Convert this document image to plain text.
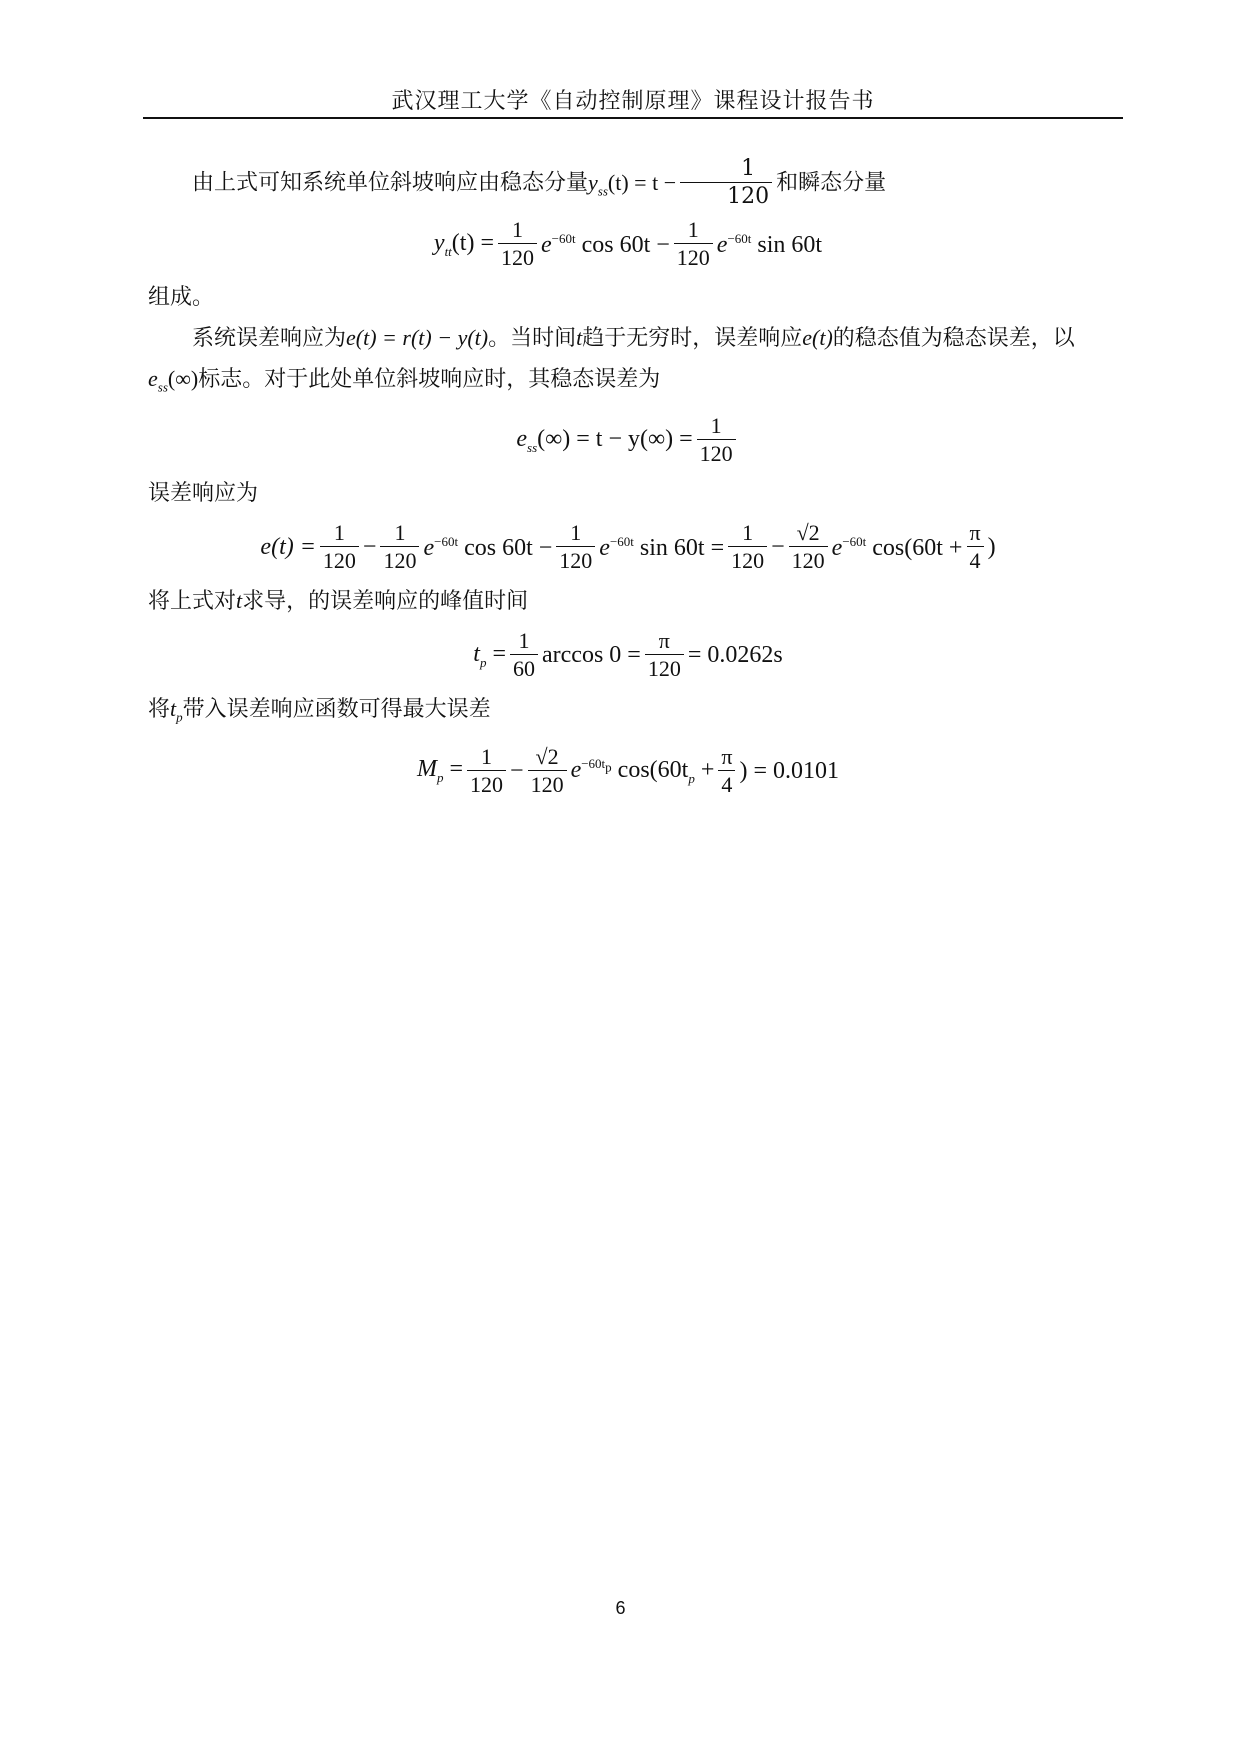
武汉理工大学《自动控制原理》课程设计报告书

由上式可知系统单位斜坡响应由稳态分量$y_{ss}(t) = t - \frac{1}{120}$ 和瞬态分量

$y_{tt}(t) = \frac{1}{120} e^{-60t}$ $\cos 60t - \frac{1}{120} e^{-60t}$ sin 60t

组成。

系统误差响应为e(t) = r(t) − y(t)。当时间t趋于无穷时，误差响应e(t)的稳态值为稳态误差，以$e_{ss}(\infty)$标志。对于此处单位斜坡响应时，其稳态误差为

$e_{ss}(\infty) = t - y(\infty) = \frac{1}{120}$

误差响应为

$e(t) = \frac{1}{120} - \frac{1}{120} e^{-60t}$ $\cos 60t - \frac{1}{120} e^{-60t}$ $\sin 60t = \frac{1}{120} - \frac{√2}{120} e^{-60t}$ $\cos(60t + \frac{\pi}{4}$ )

将上式对t求导，的误差响应的峰值时间

$t_p = \frac{1}{60}$ $\arccos 0 = \frac{\pi}{120} = 0.0262s$

将$t_p$带入误差响应函数可得最大误差

$M_p = \frac{1}{120} - \frac{√2}{120} e^{-60t_p}$ $\cos(60t_p + \frac{\pi}{4}$ ) = 0.0101
6
